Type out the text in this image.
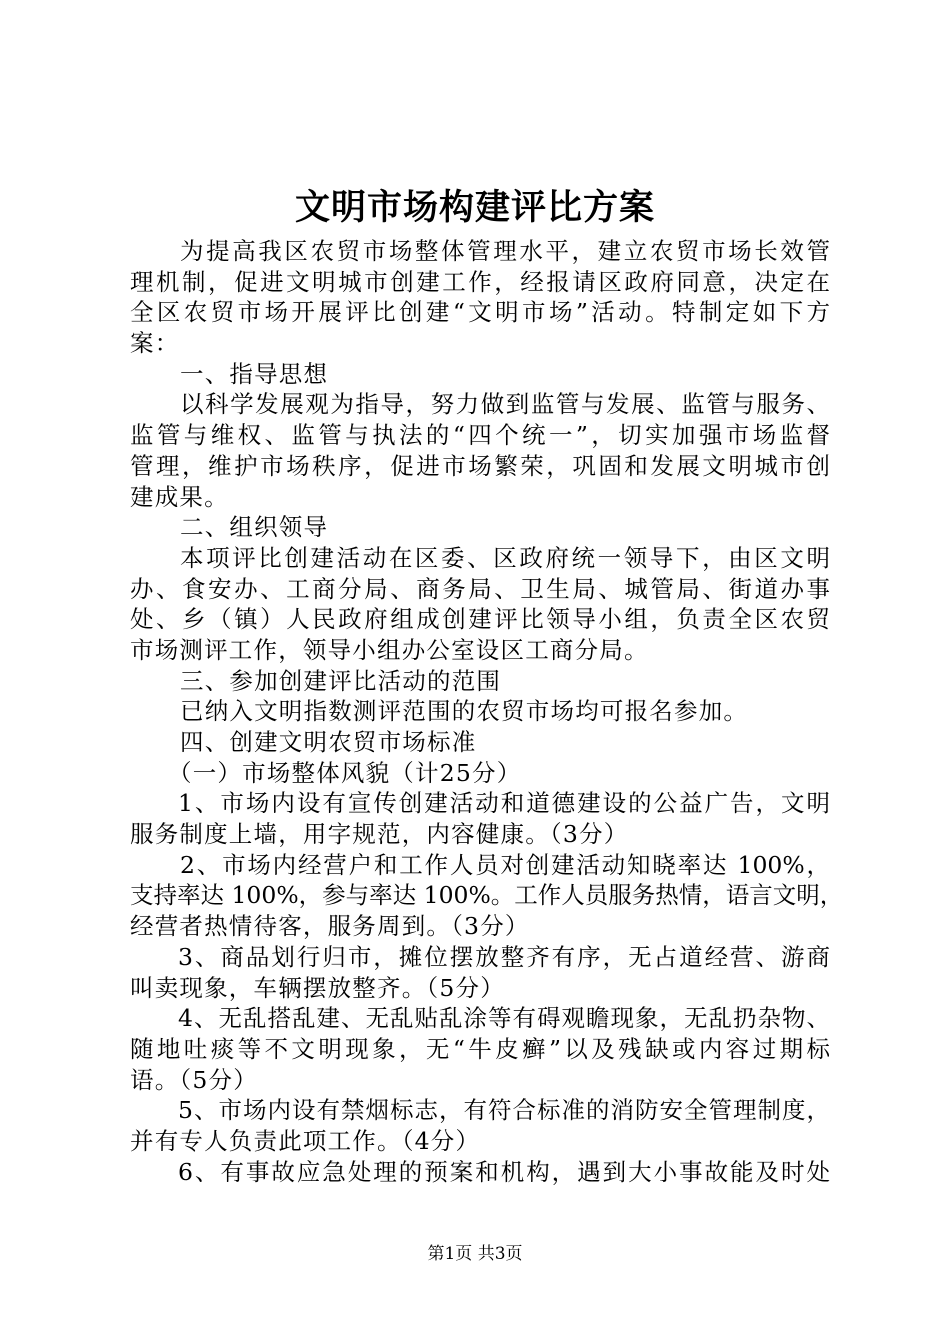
文明市场构建评比方案
为提高我区农贸市场整体管理水平，建立农贸市场长效管
理机制，促进文明城市创建工作，经报请区政府同意，决定在
全区农贸市场开展评比创建“文明市场”活动。特制定如下方
案：
一、指导思想
以科学发展观为指导，努力做到监管与发展、监管与服务、
监管与维权、监管与执法的“四个统一”，切实加强市场监督
管理，维护市场秩序，促进市场繁荣，巩固和发展文明城市创
建成果。
二、组织领导
本项评比创建活动在区委、区政府统一领导下，由区文明
办、食安办、工商分局、商务局、卫生局、城管局、街道办事
处、乡（镇）人民政府组成创建评比领导小组，负责全区农贸
市场测评工作，领导小组办公室设区工商分局。
三、参加创建评比活动的范围
已纳入文明指数测评范围的农贸市场均可报名参加。
四、创建文明农贸市场标准
（一）市场整体风貌（计25分）
1、市场内设有宣传创建活动和道德建设的公益广告，文明
服务制度上墙，用字规范，内容健康。（3分）
2、市场内经营户和工作人员对创建活动知晓率达 100%，
支持率达 100%，参与率达 100%。工作人员服务热情，语言文明，
经营者热情待客，服务周到。（3分）
3、商品划行归市，摊位摆放整齐有序，无占道经营、游商
叫卖现象，车辆摆放整齐。（5分）
4、无乱搭乱建、无乱贴乱涂等有碍观瞻现象，无乱扔杂物、
随地吐痰等不文明现象，无“牛皮癣”以及残缺或内容过期标
语。（5分）
5、市场内设有禁烟标志，有符合标准的消防安全管理制度，
并有专人负责此项工作。（4分）
6、有事故应急处理的预案和机构，遇到大小事故能及时处
第1页 共3页
